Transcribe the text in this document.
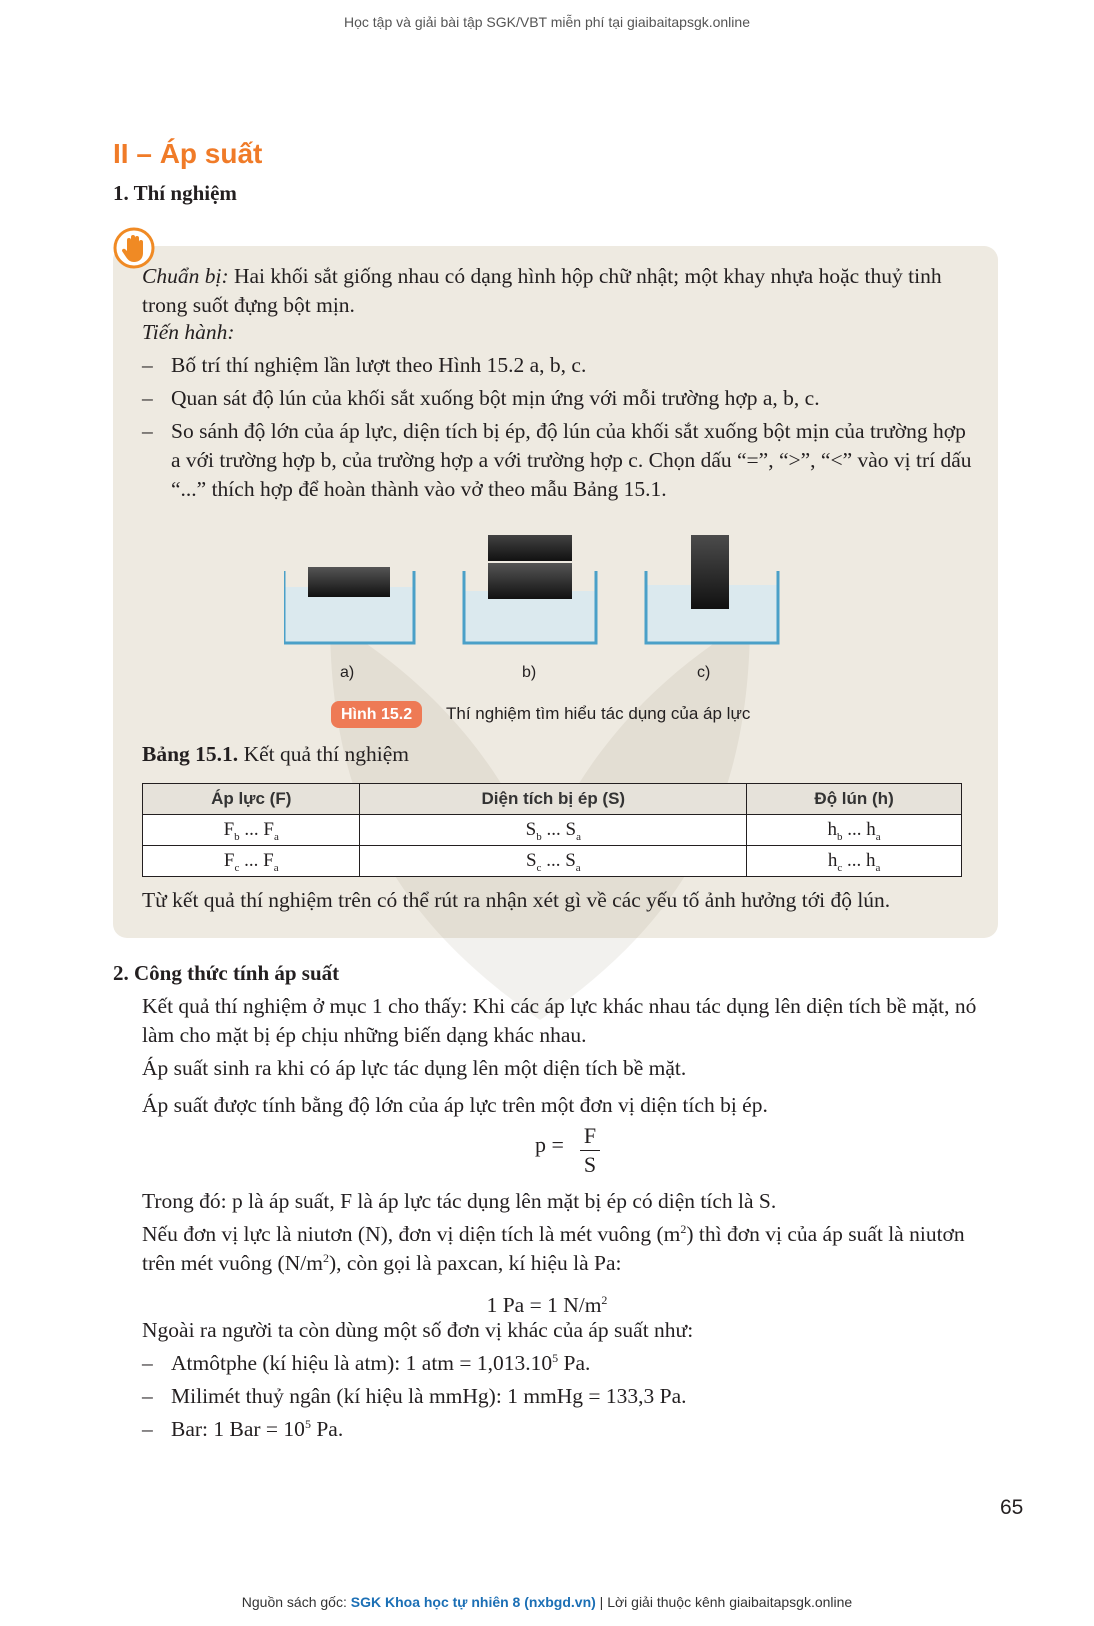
Học tập và giải bài tập SGK/VBT miễn phí tại giaibaitapsgk.online
II – Áp suất
1. Thí nghiệm
Chuẩn bị: Hai khối sắt giống nhau có dạng hình hộp chữ nhật; một khay nhựa hoặc thuỷ tinh trong suốt đựng bột mịn.
Tiến hành:
– Bố trí thí nghiệm lần lượt theo Hình 15.2 a, b, c.
– Quan sát độ lún của khối sắt xuống bột mịn ứng với mỗi trường hợp a, b, c.
– So sánh độ lớn của áp lực, diện tích bị ép, độ lún của khối sắt xuống bột mịn của trường hợp a với trường hợp b, của trường hợp a với trường hợp c. Chọn dấu “=”, “>”, “<” vào vị trí dấu “...” thích hợp để hoàn thành vào vở theo mẫu Bảng 15.1.
a)	b)	c)
Hình 15.2	Thí nghiệm tìm hiểu tác dụng của áp lực
Bảng 15.1. Kết quả thí nghiệm
Áp lực (F)	Diện tích bị ép (S)	Độ lún (h)
$F_b$ ... $F_a$	$S_b$ ... $S_a$	$h_b$ ... $h_a$
$F_c$ ... $F_a$	$S_c$ ... $S_a$	$h_c$ ... $h_a$
Từ kết quả thí nghiệm trên có thể rút ra nhận xét gì về các yếu tố ảnh hưởng tới độ lún.
2. Công thức tính áp suất
Kết quả thí nghiệm ở mục 1 cho thấy: Khi các áp lực khác nhau tác dụng lên diện tích bề mặt, nó làm cho mặt bị ép chịu những biến dạng khác nhau.
Áp suất sinh ra khi có áp lực tác dụng lên một diện tích bề mặt.
Áp suất được tính bằng độ lớn của áp lực trên một đơn vị diện tích bị ép.
$p = \frac{F}{S}$
Trong đó: p là áp suất, F là áp lực tác dụng lên mặt bị ép có diện tích là S.
Nếu đơn vị lực là niutơn (N), đơn vị diện tích là mét vuông $(m^2)$ thì đơn vị của áp suất là niutơn trên mét vuông $(N/m^2)$, còn gọi là paxcan, kí hiệu là Pa:
1 Pa = 1 $N/m^2$
Ngoài ra người ta còn dùng một số đơn vị khác của áp suất như:
– Atmôtphe (kí hiệu là atm): 1 atm = $1,013.10^5$ Pa.
– Milimét thuỷ ngân (kí hiệu là mmHg): 1 mmHg = 133,3 Pa.
– Bar: 1 Bar = $10^5$ Pa.
65
Nguồn sách gốc: SGK Khoa học tự nhiên 8 (nxbgd.vn) | Lời giải thuộc kênh giaibaitapsgk.online
